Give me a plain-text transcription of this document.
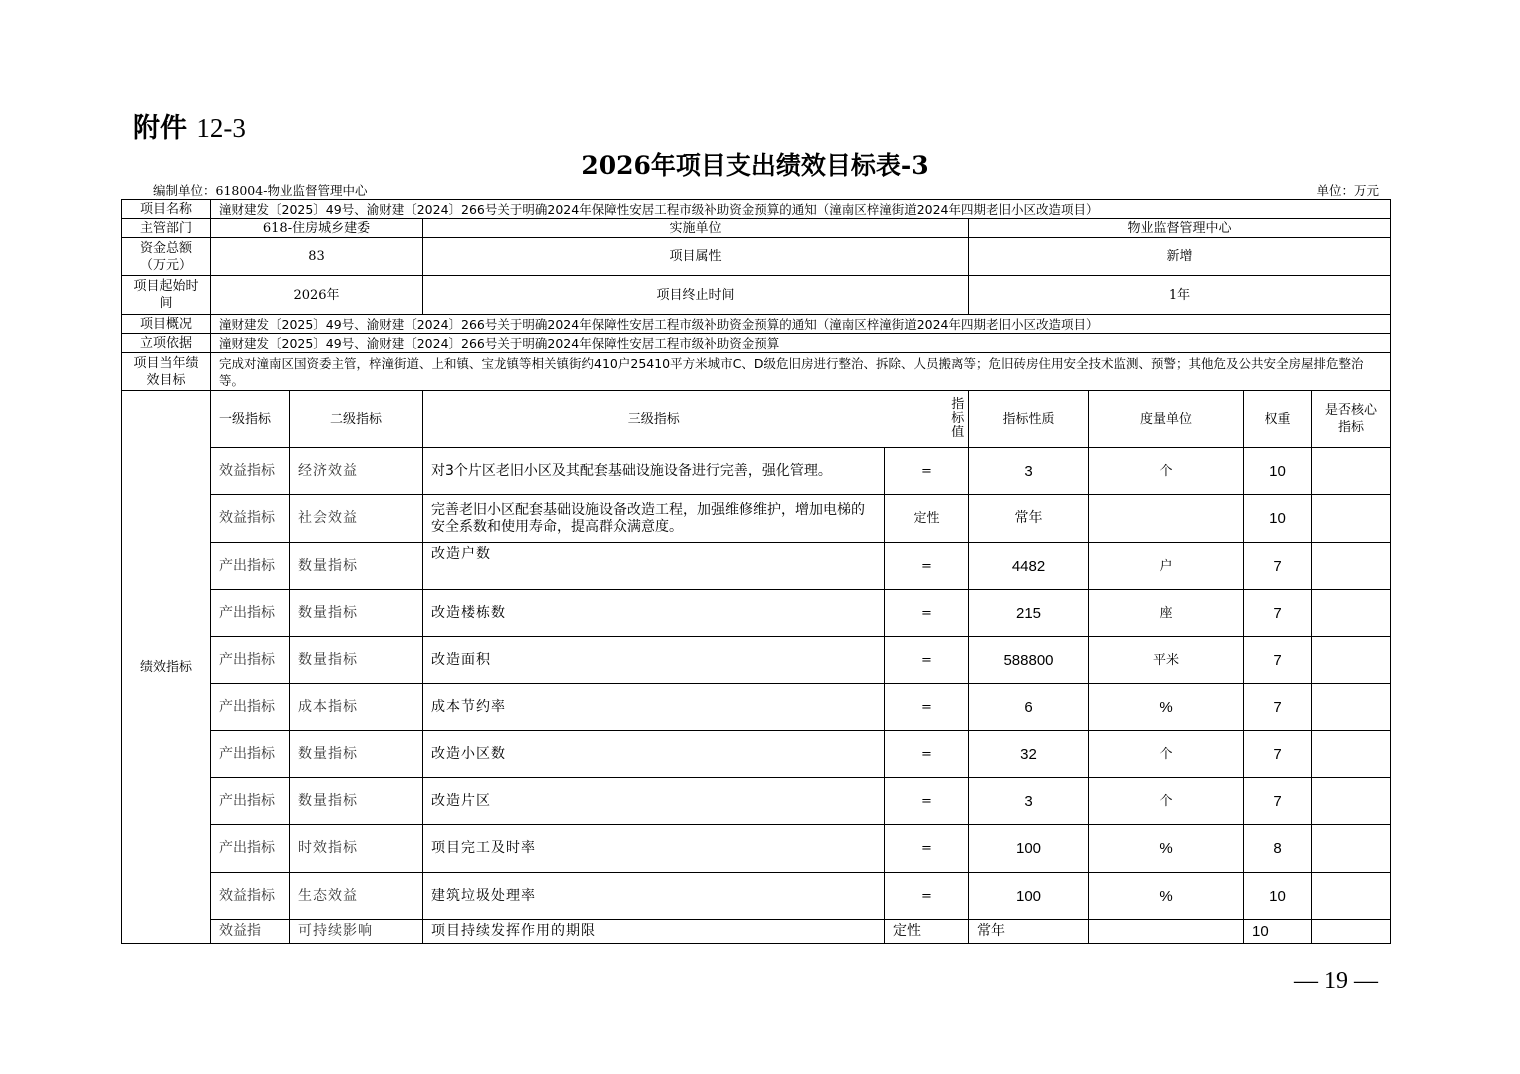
附件 12-3
2026年项目支出绩效目标表-3
编制单位：618004-物业监督管理中心	单位：万元
项目名称	潼财建发〔2025〕49号、渝财建〔2024〕266号关于明确2024年保障性安居工程市级补助资金预算的通知（潼南区梓潼街道2024年四期老旧小区改造项目）							
主管部门	618-住房城乡建委		实施单位		物业监督管理中心			
资金总额（万元）	83		项目属性		新增			
项目起始时间	2026年		项目终止时间		1年			
项目概况	潼财建发〔2025〕49号、渝财建〔2024〕266号关于明确2024年保障性安居工程市级补助资金预算的通知（潼南区梓潼街道2024年四期老旧小区改造项目）							
立项依据	潼财建发〔2025〕49号、渝财建〔2024〕266号关于明确2024年保障性安居工程市级补助资金预算							
项目当年绩效目标	完成对潼南区国资委主管，梓潼街道、上和镇、宝龙镇等相关镇街约410户25410平方米城市C、D级危旧房进行整治、拆除、人员搬离等；危旧砖房住用安全技术监测、预警；其他危及公共安全房屋排危整治等。							
绩效指标	一级指标	二级指标	三级指标	指标值	指标性质	度量单位	权重	是否核心指标
	效益指标	经济效益	对3个片区老旧小区及其配套基础设施设备进行完善，强化管理。	=	3	个	10	
	效益指标	社会效益	完善老旧小区配套基础设施设备改造工程，加强维修维护，增加电梯的安全系数和使用寿命，提高群众满意度。	定性	常年		10	
	产出指标	数量指标	改造户数	=	4482	户	7	
	产出指标	数量指标	改造楼栋数	=	215	座	7	
	产出指标	数量指标	改造面积	=	588800	平米	7	
	产出指标	成本指标	成本节约率	=	6	%	7	
	产出指标	数量指标	改造小区数	=	32	个	7	
	产出指标	数量指标	改造片区	=	3	个	7	
	产出指标	时效指标	项目完工及时率	=	100	%	8	
	效益指标	生态效益	建筑垃圾处理率	=	100	%	10	
	效益指	可持续影响	项目持续发挥作用的期限	定性	常年		10	
— 19 —
